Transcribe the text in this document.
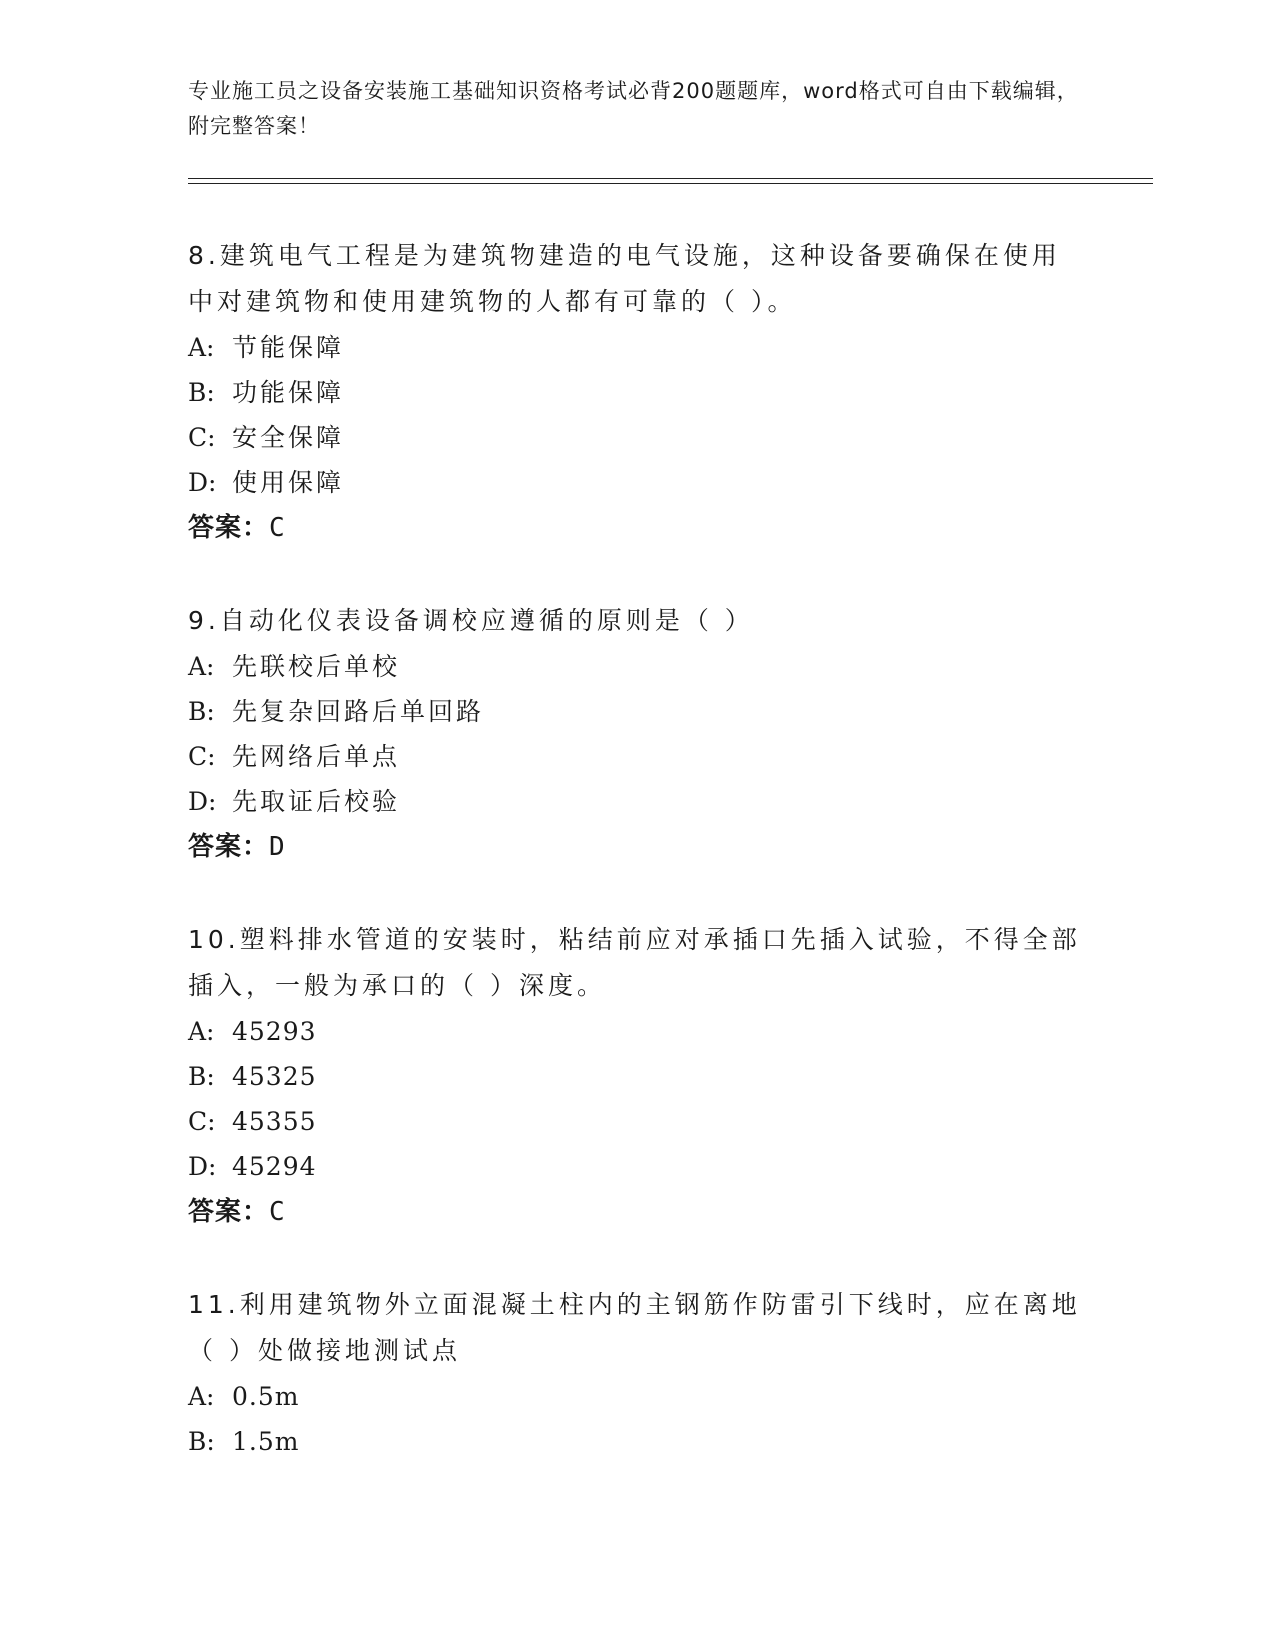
专业施工员之设备安装施工基础知识资格考试必背200题题库，word格式可自由下载编辑，附完整答案！
8.建筑电气工程是为建筑物建造的电气设施，这种设备要确保在使用中对建筑物和使用建筑物的人都有可靠的（ ）。
A: 节能保障
B: 功能保障
C: 安全保障
D: 使用保障
答案：C
9.自动化仪表设备调校应遵循的原则是（ ）
A: 先联校后单校
B: 先复杂回路后单回路
C: 先网络后单点
D: 先取证后校验
答案：D
10.塑料排水管道的安装时，粘结前应对承插口先插入试验，不得全部插入，一般为承口的（ ）深度。
A: 45293
B: 45325
C: 45355
D: 45294
答案：C
11.利用建筑物外立面混凝土柱内的主钢筋作防雷引下线时，应在离地（ ）处做接地测试点
A: 0.5m
B: 1.5m
